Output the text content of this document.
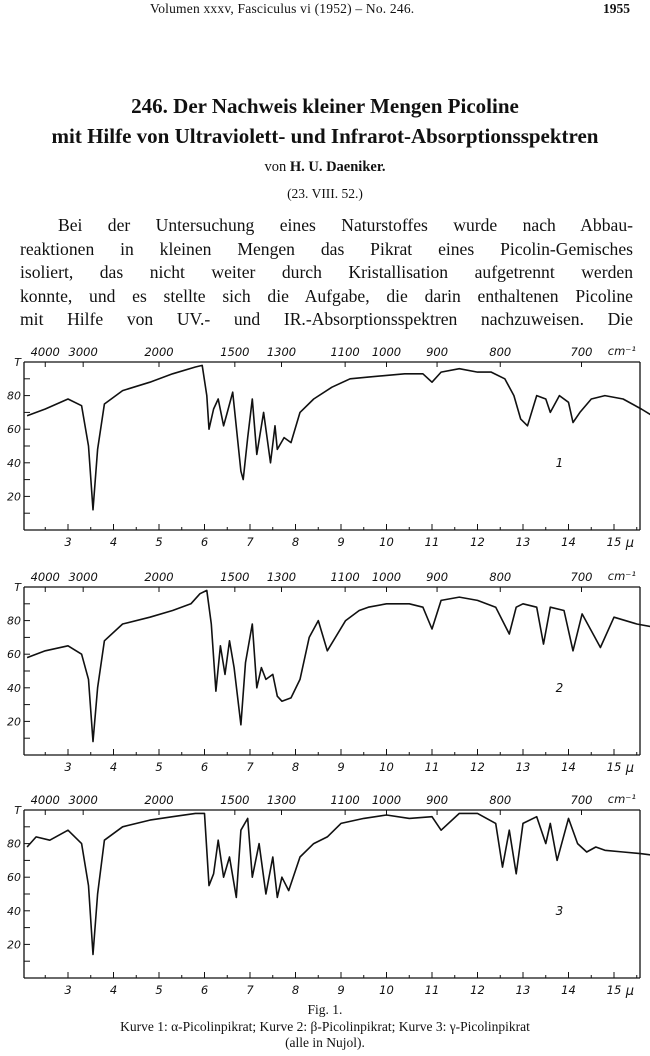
Volumen xxxv, Fasciculus vi (1952) – No. 246.	1955
246. Der Nachweis kleiner Mengen Picoline
mit Hilfe von Ultraviolett- und Infrarot-Absorptionsspektren
von H. U. Daeniker.
(23. VIII. 52.)
Bei der Untersuchung eines Naturstoffes wurde nach Abbau-
reaktionen in kleinen Mengen das Pikrat eines Picolin-Gemisches
isoliert, das nicht weiter durch Kristallisation aufgetrennt werden
konnte, und es stellte sich die Aufgabe, die darin enthaltenen Picoline
mit Hilfe von UV.- und IR.-Absorptionsspektren nachzuweisen. Die
T
80
60
40
20
4000 3000	2000	1500 1300	1100 1000 900	800	700 cm⁻¹
3	4	5	6	7	8	9	10	11	12	13	14	15 μ
1
T
80
60
40
20
4000 3000	2000	1500 1300	1100 1000 900	800	700 cm⁻¹
3	4	5	6	7	8	9	10	11	12	13	14	15 μ
2
T
80
60
40
20
4000 3000	2000	1500 1300	1100 1000 900	800	700 cm⁻¹
3	4	5	6	7	8	9	10	11	12	13	14	15 μ
3
Fig. 1.
Kurve 1: α-Picolinpikrat; Kurve 2: β-Picolinpikrat; Kurve 3: γ-Picolinpikrat
(alle in Nujol).
